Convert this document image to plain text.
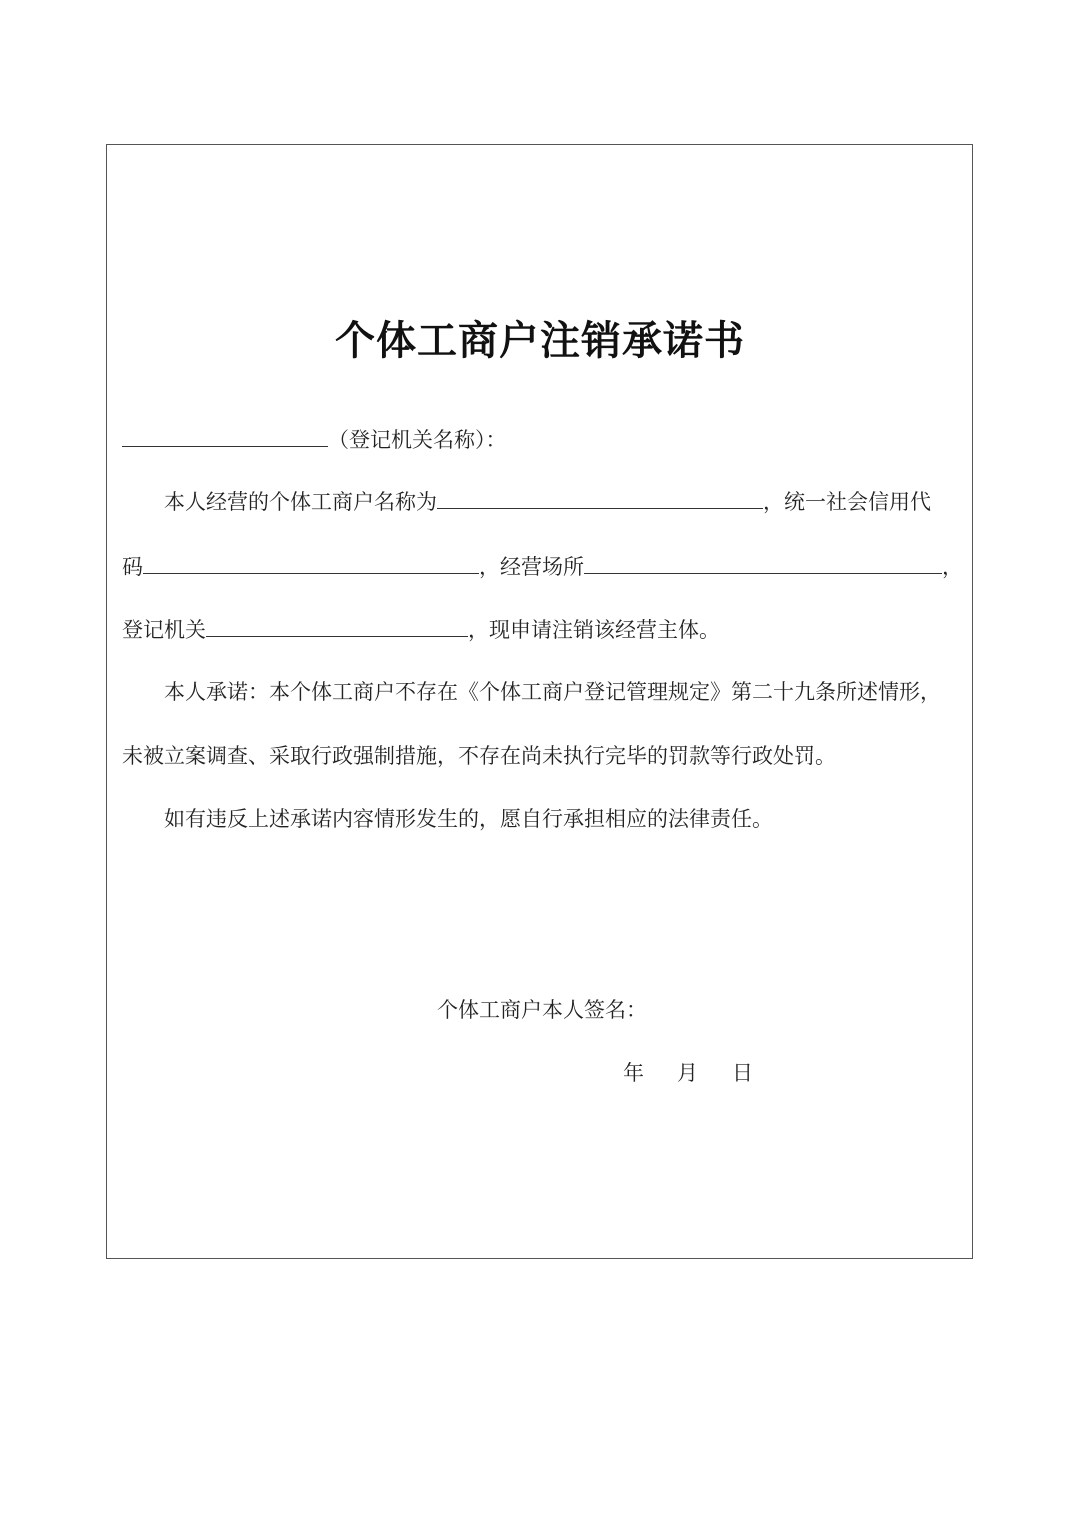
个体工商户注销承诺书
（登记机关名称）：
本人经营的个体工商户名称为	，统一社会信用代
码	，经营场所	，
登记机关	，现申请注销该经营主体。
本人承诺：本个体工商户不存在《个体工商户登记管理规定》第二十九条所述情形，
未被立案调查、采取行政强制措施，不存在尚未执行完毕的罚款等行政处罚。
如有违反上述承诺内容情形发生的，愿自行承担相应的法律责任。
个体工商户本人签名：
年 月 日
